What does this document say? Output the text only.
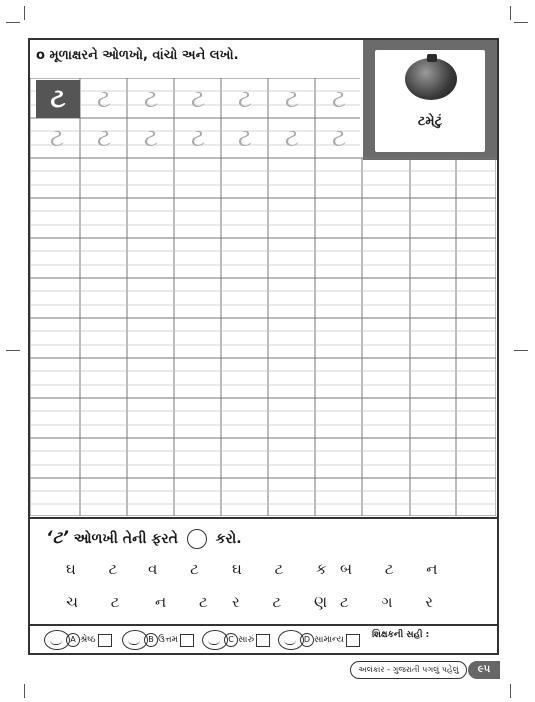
o મૂળાક્ષરને ઓળખો, વાંચો અને લખો.
ટમેટું
ટ	ટ	ટ	ટ	ટ	ટ	ટ
ટ	ટ	ટ	ટ	ટ	ટ	ટ
‘ટ’ ઓળખી તેની ફરતે	કરો.
ઘ ટ વ ટ ઘ ટ ક બ ટ ન
ચ ટ ન ટ ર ટ ણ
ટ ગ ર
A શ્રેષ્ઠ	B ઉત્તમ	C સારું	D સામાન્ય	શિક્ષકની સહી :
અલંકાર - ગુજરાતી પગલું પહેલું	૯૫
